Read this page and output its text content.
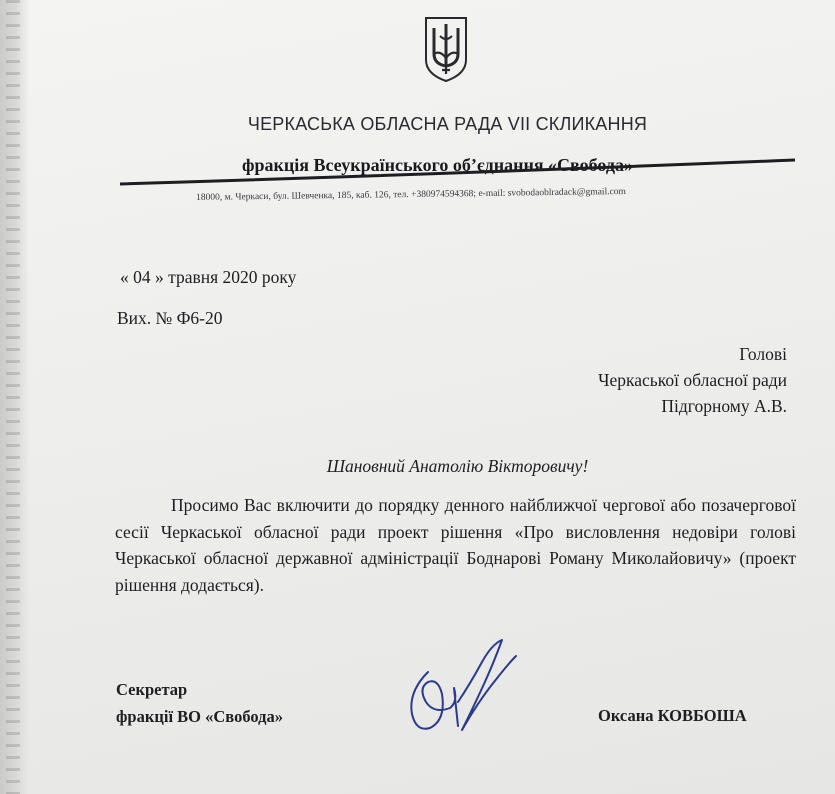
ЧЕРКАСЬКА ОБЛАСНА РАДА VII СКЛИКАННЯ

фракція Всеукраїнського об’єднання «Свобода»

18000, м. Черкаси, бул. Шевченка, 185, каб. 126, тел. +380974594368; e-mail: svobodaoblradack@gmail.com

« 04 » травня 2020 року

Вих. № Ф6-20

Голові
Черкаської обласної ради
Підгорному А.В.

Шановний Анатолію Вікторовичу!

Просимо Вас включити до порядку денного найближчої чергової або позачергової сесії Черкаської обласної ради проект рішення «Про висловлення недовіри голові Черкаської обласної державної адміністрації Боднарові Роману Миколайовичу» (проект рішення додається).

Секретар
фракції ВО «Свобода»	Оксана КОВБОША
